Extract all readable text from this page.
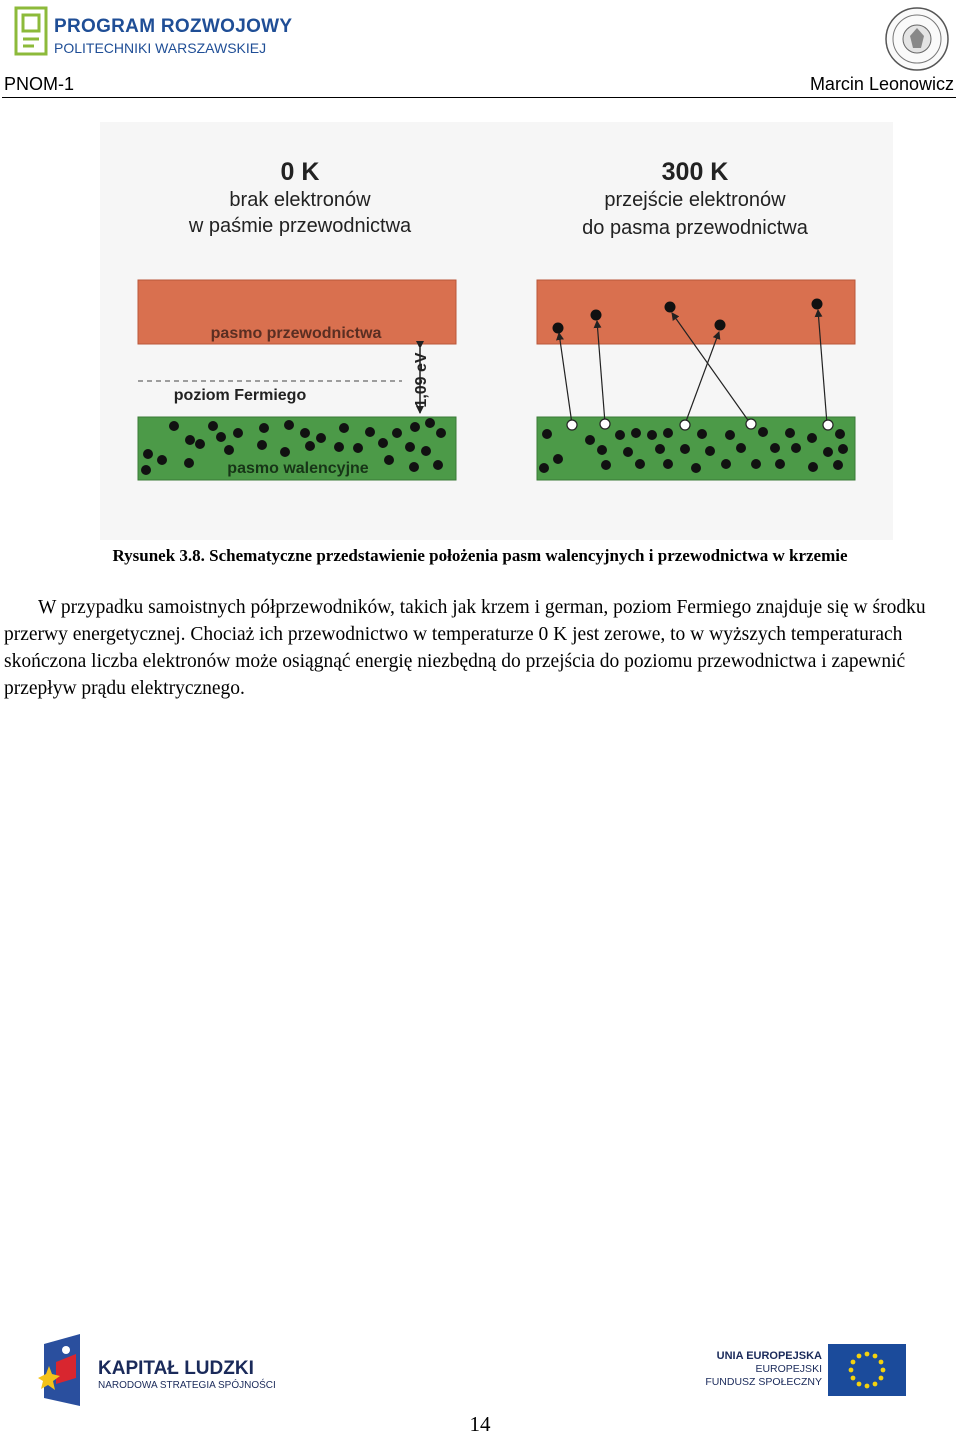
PROGRAM ROZWOJOWY
POLITECHNIKI WARSZAWSKIEJ
PNOM-1	Marcin Leonowicz
0 K
brak elektronów
w paśmie przewodnictwa
300 K
przejście elektronów
do pasma przewodnictwa
pasmo przewodnictwa
poziom Fermiego	1,09 eV
pasmo walencyjne
Rysunek 3.8. Schematyczne przedstawienie położenia pasm walencyjnych i przewodnictwa w krzemie
W przypadku samoistnych półprzewodników, takich jak krzem i german, poziom Fermiego znajduje się w środku przerwy energetycznej. Chociaż ich przewodnictwo w temperaturze 0 K jest zerowe, to w wyższych temperaturach skończona liczba elektronów może osiągnąć energię niezbędną do przejścia do poziomu przewodnictwa i zapewnić przepływ prądu elektrycznego.
KAPITAŁ LUDZKI
NARODOWA STRATEGIA SPÓJNOŚCI
UNIA EUROPEJSKA
EUROPEJSKI
FUNDUSZ SPOŁECZNY
14
